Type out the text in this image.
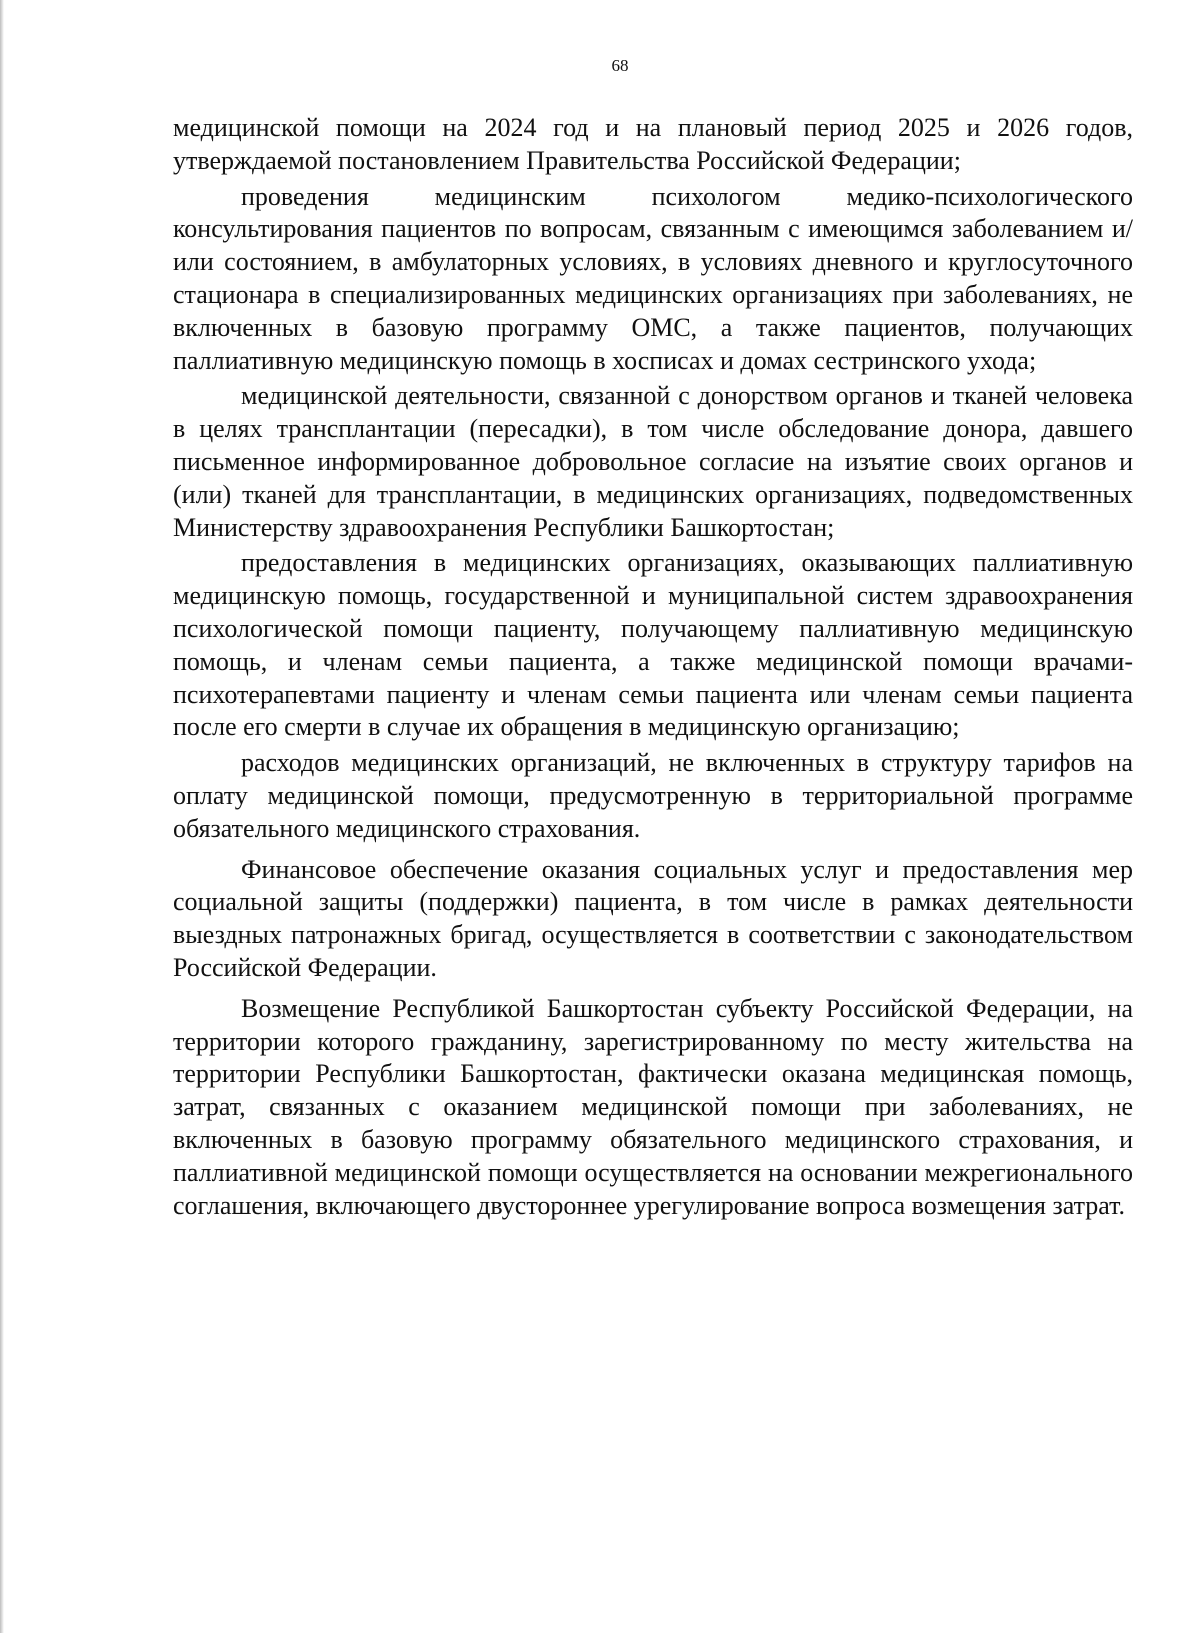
68

медицинской помощи на 2024 год и на плановый период 2025 и 2026 годов, утверждаемой постановлением Правительства Российской Федерации;

проведения медицинским психологом медико-психологического консультирования пациентов по вопросам, связанным с имеющимся заболеванием и/или состоянием, в амбулаторных условиях, в условиях дневного и круглосуточного стационара в специализированных медицинских организациях при заболеваниях, не включенных в базовую программу ОМС, а также пациентов, получающих паллиативную медицинскую помощь в хосписах и домах сестринского ухода;

медицинской деятельности, связанной с донорством органов и тканей человека в целях трансплантации (пересадки), в том числе обследование донора, давшего письменное информированное добровольное согласие на изъятие своих органов и (или) тканей для трансплантации, в медицинских организациях, подведомственных Министерству здравоохранения Республики Башкортостан;

предоставления в медицинских организациях, оказывающих паллиативную медицинскую помощь, государственной и муниципальной систем здравоохранения психологической помощи пациенту, получающему паллиативную медицинскую помощь, и членам семьи пациента, а также медицинской помощи врачами-психотерапевтами пациенту и членам семьи пациента или членам семьи пациента после его смерти в случае их обращения в медицинскую организацию;

расходов медицинских организаций, не включенных в структуру тарифов на оплату медицинской помощи, предусмотренную в территориальной программе обязательного медицинского страхования.

Финансовое обеспечение оказания социальных услуг и предоставления мер социальной защиты (поддержки) пациента, в том числе в рамках деятельности выездных патронажных бригад, осуществляется в соответствии с законодательством Российской Федерации.

Возмещение Республикой Башкортостан субъекту Российской Федерации, на территории которого гражданину, зарегистрированному по месту жительства на территории Республики Башкортостан, фактически оказана медицинская помощь, затрат, связанных с оказанием медицинской помощи при заболеваниях, не включенных в базовую программу обязательного медицинского страхования, и паллиативной медицинской помощи осуществляется на основании межрегионального соглашения, включающего двустороннее урегулирование вопроса возмещения затрат.
